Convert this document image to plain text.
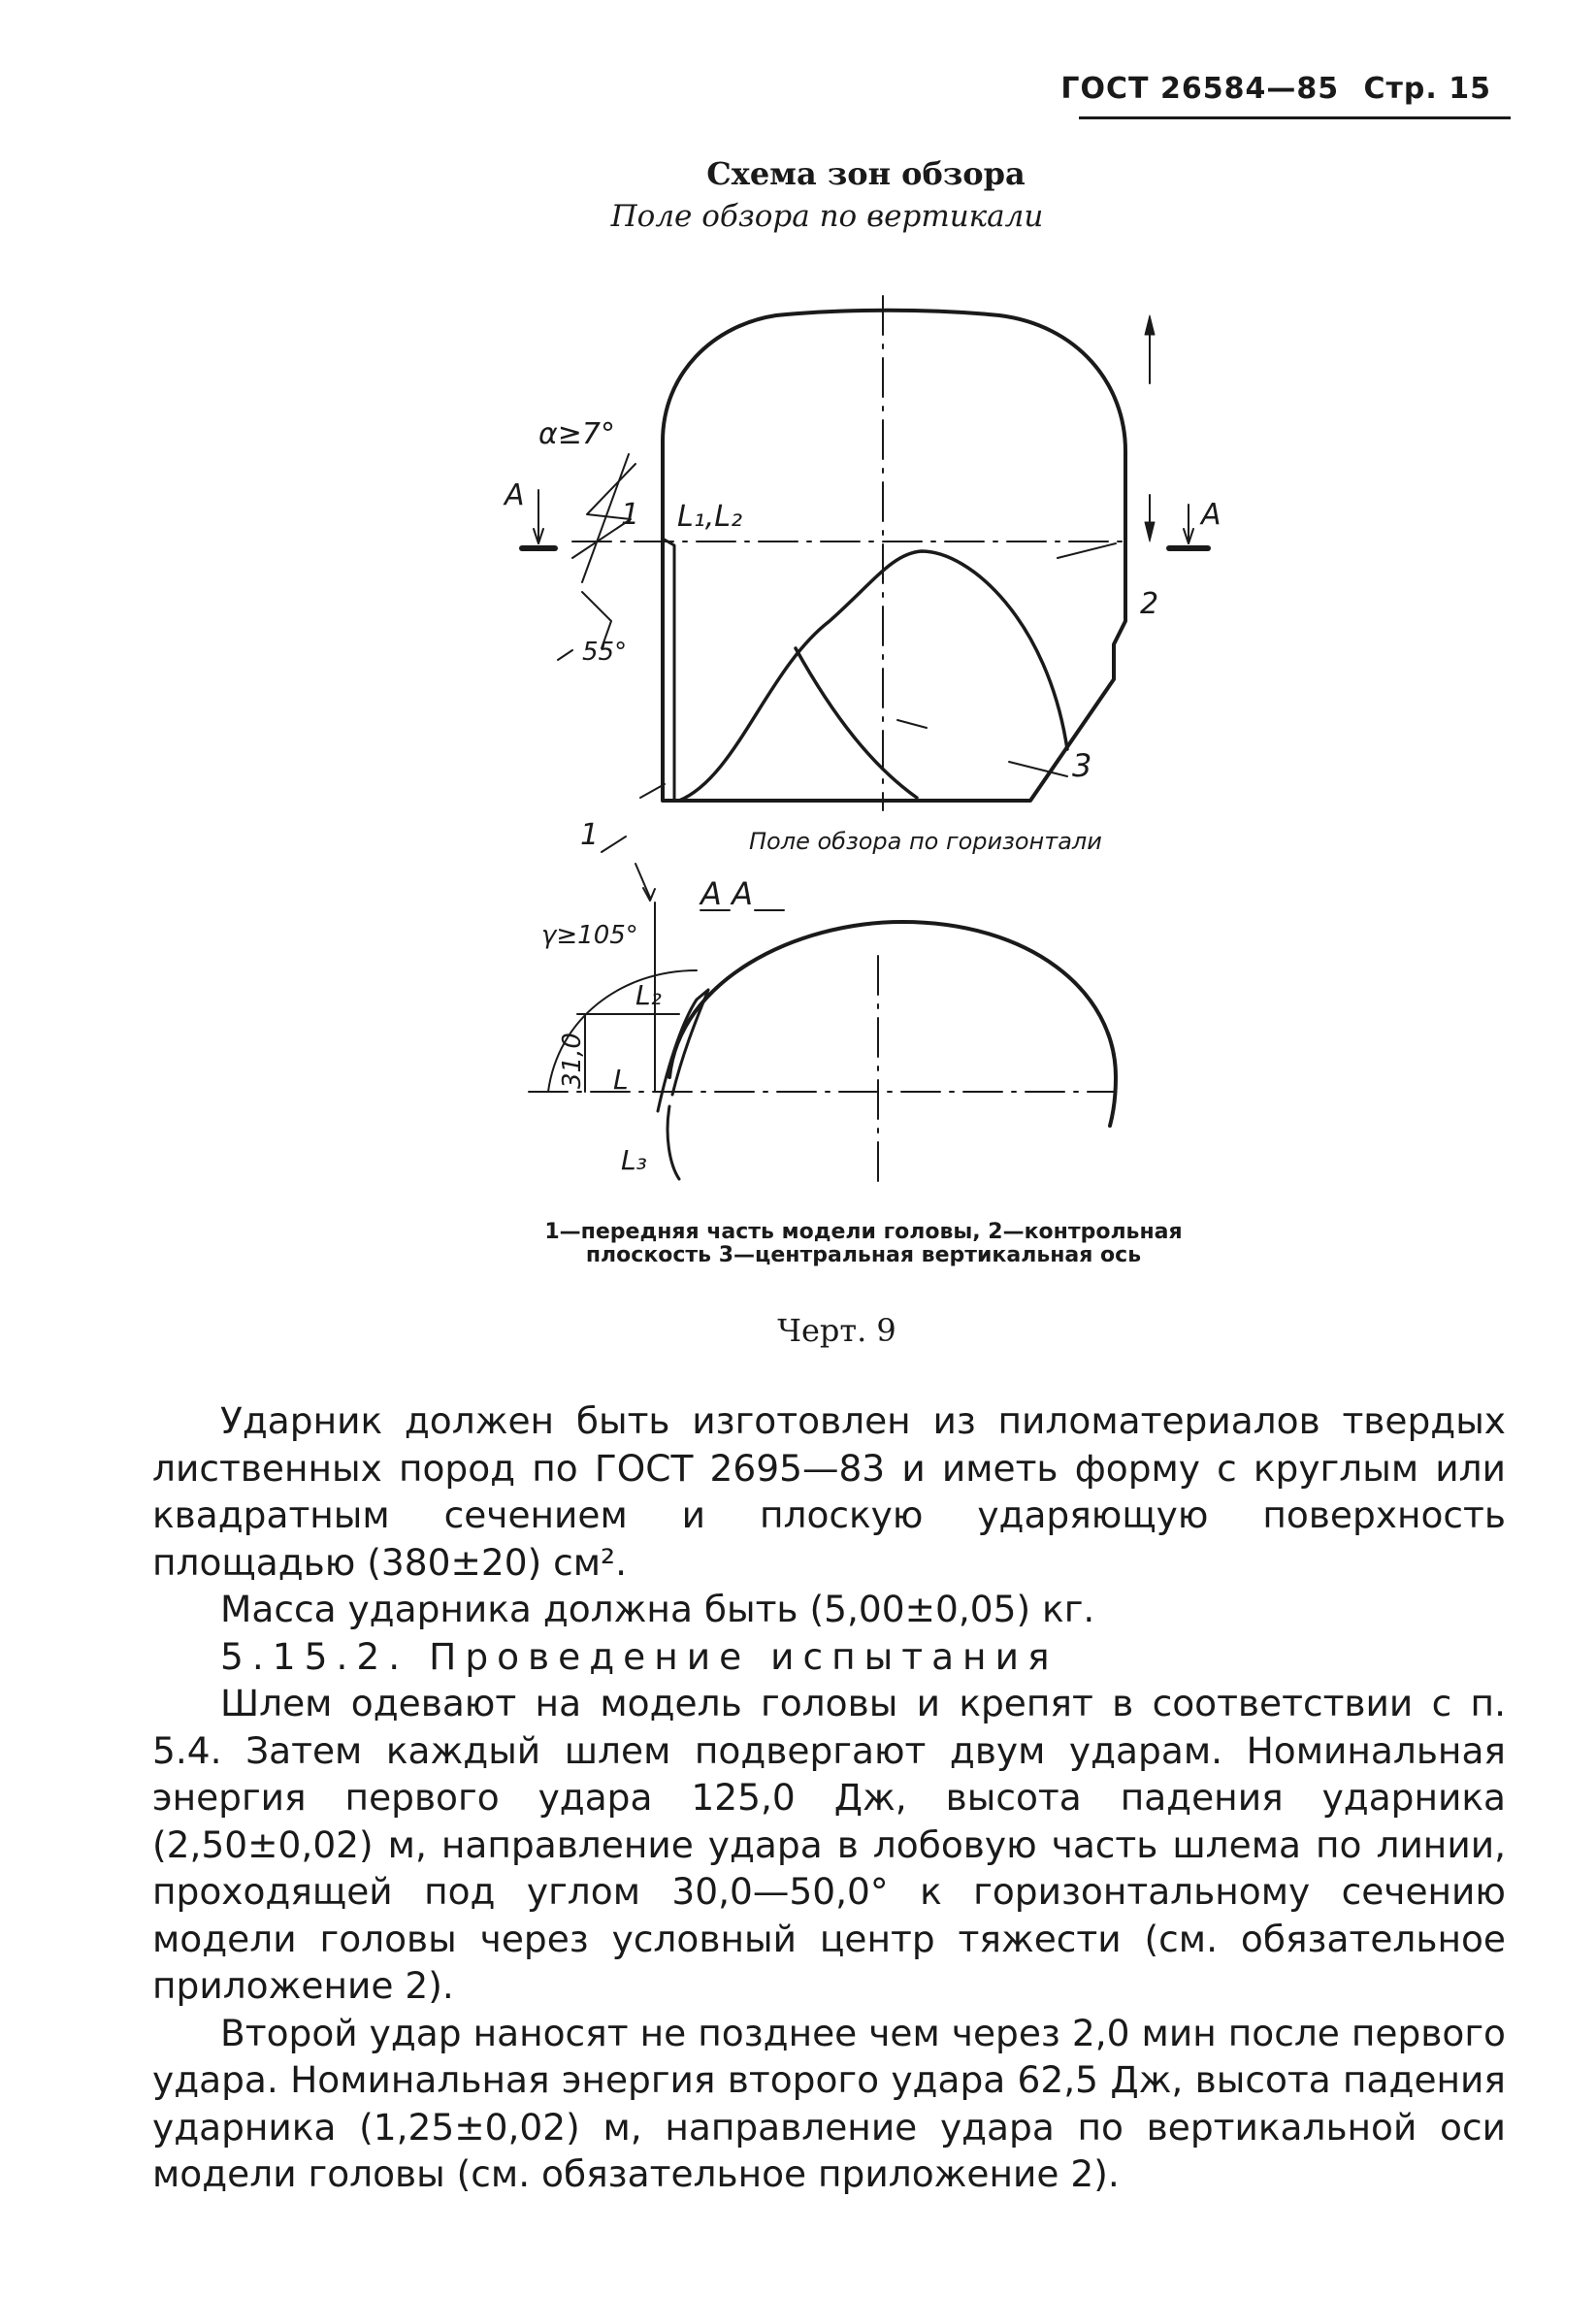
ГОСТ 26584—85 Стр. 15
Схема зон обзора
Поле обзора по вертикали
α≥7°
55°
А
А
1 L₁,L₂
2
3
Поле обзора по горизонтали
1
А А
γ≥105°
L₂
31,0 L
L₃
1—передняя часть модели головы, 2—контрольная плоскость 3—центральная вертикальная ось
Черт. 9

Ударник должен быть изготовлен из пиломатериалов твердых лиственных пород по ГОСТ 2695—83 и иметь форму с круглым или квадратным сечением и плоскую ударяющую поверхность площадью (380±20) см².

Масса ударника должна быть (5,00±0,05) кг.

5.15.2. Проведение испытания

Шлем одевают на модель головы и крепят в соответствии с п. 5.4. Затем каждый шлем подвергают двум ударам. Номинальная энергия первого удара 125,0 Дж, высота падения ударника (2,50±0,02) м, направление удара в лобовую часть шлема по линии, проходящей под углом 30,0—50,0° к горизонтальному сечению модели головы через условный центр тяжести (см. обязательное приложение 2).

Второй удар наносят не позднее чем через 2,0 мин после первого удара. Номинальная энергия второго удара 62,5 Дж, высота падения ударника (1,25±0,02) м, направление удара по вертикальной оси модели головы (см. обязательное приложение 2).
